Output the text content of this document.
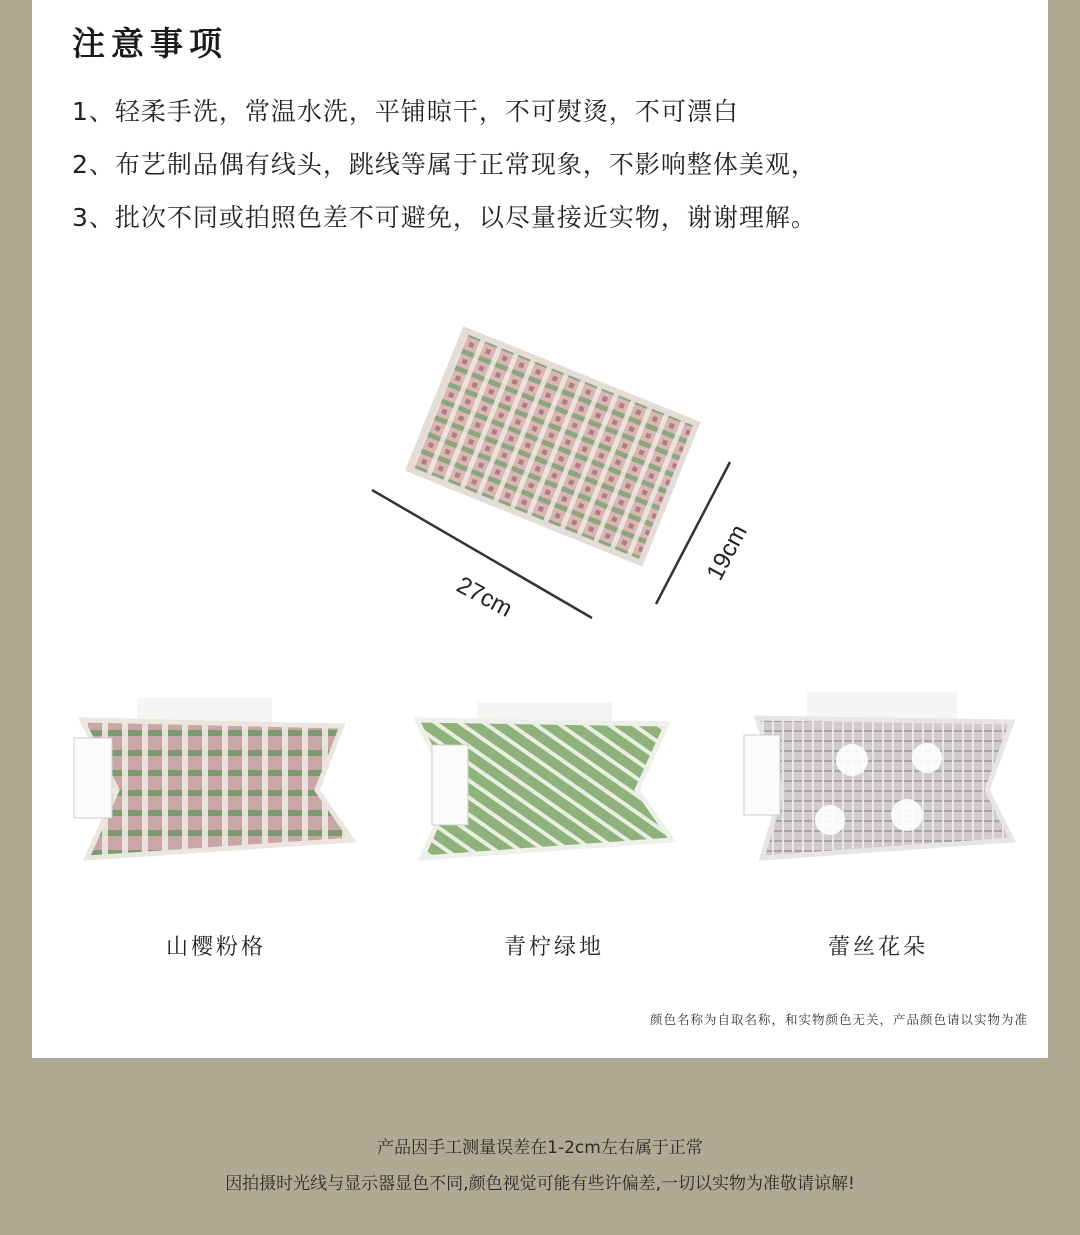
注意事项
1、轻柔手洗，常温水洗，平铺晾干，不可熨烫，不可漂白
2、布艺制品偶有线头，跳线等属于正常现象，不影响整体美观，
3、批次不同或拍照色差不可避免，以尽量接近实物，谢谢理解。
27cm
19cm
山樱粉格	青柠绿地	蕾丝花朵
颜色名称为自取名称，和实物颜色无关，产品颜色请以实物为准
产品因手工测量误差在1-2cm左右属于正常
因拍摄时光线与显示器显色不同,颜色视觉可能有些许偏差,一切以实物为准敬请谅解!
